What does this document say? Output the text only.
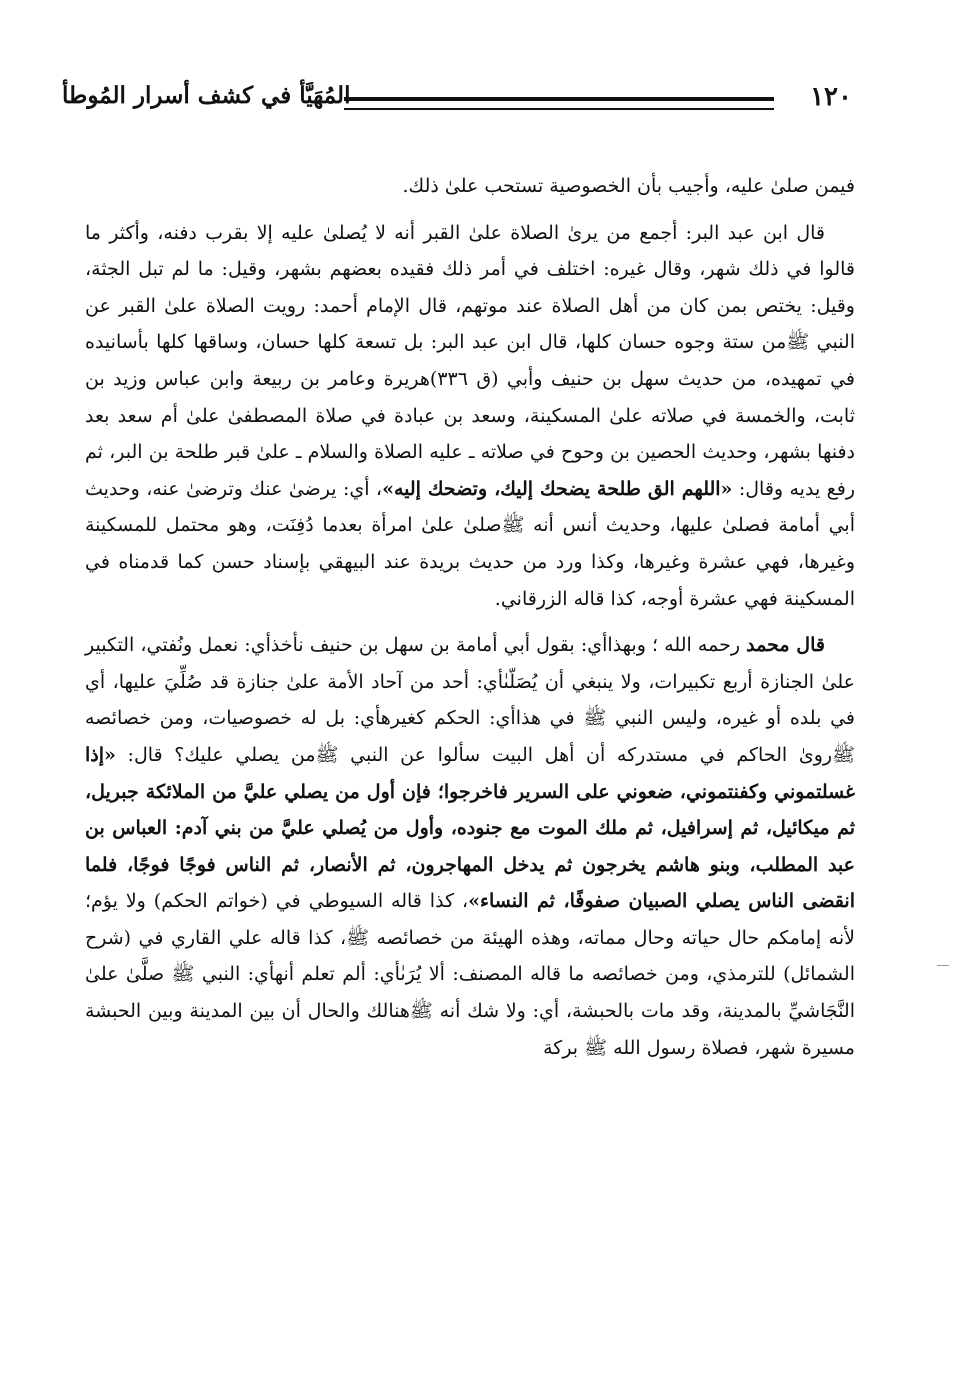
١٢٠
المُهَيَّأ في كشف أسرار المُوطأ

فيمن صلىٰ عليه، وأجيب بأن الخصوصية تستحب علىٰ ذلك.

قال ابن عبد البر: أجمع من يرىٰ الصلاة علىٰ القبر أنه لا يُصلىٰ عليه إلا بقرب دفنه، وأكثر ما قالوا في ذلك شهر، وقال غيره: اختلف في أمر ذلك فقيده بعضهم بشهر، وقيل: ما لم تبل الجثة، وقيل: يختص بمن كان من أهل الصلاة عند موتهم، قال الإمام أحمد: رويت الصلاة علىٰ القبر عن النبي ﷺمن ستة وجوه حسان كلها، قال ابن عبد البر: بل تسعة كلها حسان، وساقها كلها بأسانيده في تمهيده، من حديث سهل بن حنيف وأبي (ق ٣٣٦)هريرة وعامر بن ربيعة وابن عباس وزيد بن ثابت، والخمسة في صلاته علىٰ المسكينة، وسعد بن عبادة في صلاة المصطفىٰ علىٰ أم سعد بعد دفنها بشهر، وحديث الحصين بن وحوح في صلاته ـ عليه الصلاة والسلام ـ علىٰ قبر طلحة بن البر، ثم رفع يديه وقال: «اللهم الق طلحة يضحك إليك، وتضحك إليه»، أي: يرضىٰ عنك وترضىٰ عنه، وحديث أبي أمامة فصلىٰ عليها، وحديث أنس أنه ﷺصلىٰ علىٰ امرأة بعدما دُفِنَت، وهو محتمل للمسكينة وغيرها، فهي عشرة وغيرها، وكذا ورد من حديث بريدة عند البيهقي بإسناد حسن كما قدمناه في المسكينة فهي عشرة أوجه، كذا قاله الزرقاني.

قال محمد رحمه الله ؛ وبهذاأي: بقول أبي أمامة بن سهل بن حنيف نأخذأي: نعمل ونُفتي، التكبير علىٰ الجنازة أربع تكبيرات، ولا ينبغي أن يُصَلّىٰأي: أحد من آحاد الأمة علىٰ جنازة قد صُلِّيَ عليها، أي في بلده أو غيره، وليس النبي ﷺ في هذاأي: الحكم كغيرهأي: بل له خصوصيات، ومن خصائصه ﷺروىٰ الحاكم في مستدركه أن أهل البيت سألوا عن النبي ﷺمن يصلي عليك؟ قال: «إذا غسلتموني وكفنتموني، ضعوني على السرير فاخرجوا؛ فإن أول من يصلي عليَّ من الملائكة جبريل، ثم ميكائيل، ثم إسرافيل، ثم ملك الموت مع جنوده، وأول من يُصلي عليَّ من بني آدم: العباس بن عبد المطلب، وبنو هاشم يخرجون ثم يدخل المهاجرون، ثم الأنصار، ثم الناس فوجًا فوجًا، فلما انقضى الناس يصلي الصبيان صفوفًا، ثم النساء»، كذا قاله السيوطي في (خواتم الحكم) ولا يؤم؛ لأنه إمامكم حال حياته وحال مماته، وهذه الهيئة من خصائصه ﷺ، كذا قاله علي القاري في (شرح الشمائل) للترمذي، ومن خصائصه ما قاله المصنف: ألا يُرَىٰأي: ألم تعلم أنهأي: النبي ﷺ صلَّىٰ علىٰ النَّجَاشيِّ بالمدينة، وقد مات بالحبشة، أي: ولا شك أنه ﷺهنالك والحال أن بين المدينة وبين الحبشة مسيرة شهر، فصلاة رسول الله ﷺ بركة
